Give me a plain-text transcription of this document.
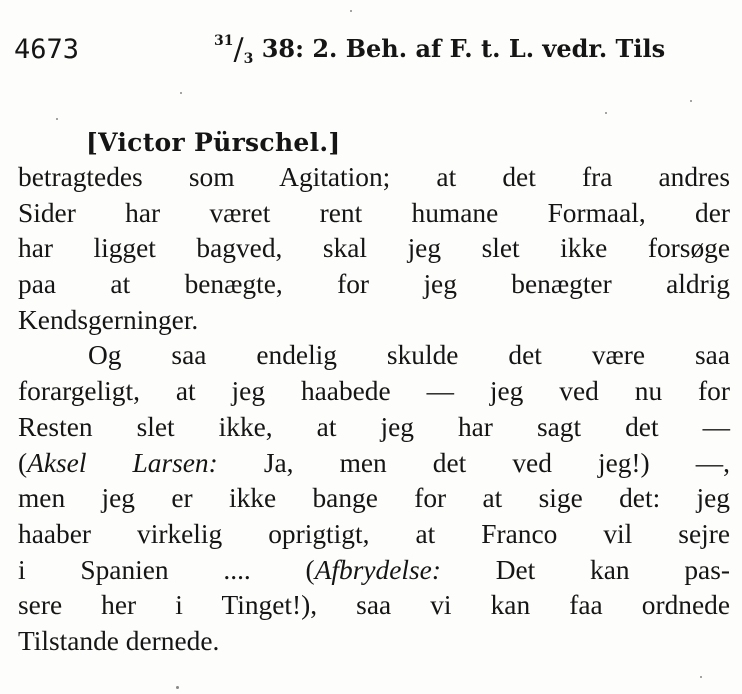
4673	$^{31}/_3$ 38: 2. Beh. af F. t. L. vedr. Tils
[Victor Pürschel.]
betragtedes som Agitation; at det fra andres
Sider har været rent humane Formaal, der
har ligget bagved, skal jeg slet ikke forsøge
paa at benægte, for jeg benægter aldrig
Kendsgerninger.
Og saa endelig skulde det være saa
forargeligt, at jeg haabede — jeg ved nu for
Resten slet ikke, at jeg har sagt det —
(Aksel Larsen: Ja, men det ved jeg!) —,
men jeg er ikke bange for at sige det: jeg
haaber virkelig oprigtigt, at Franco vil sejre
i Spanien .... (Afbrydelse: Det kan pas-
sere her i Tinget!), saa vi kan faa ordnede
Tilstande dernede.
